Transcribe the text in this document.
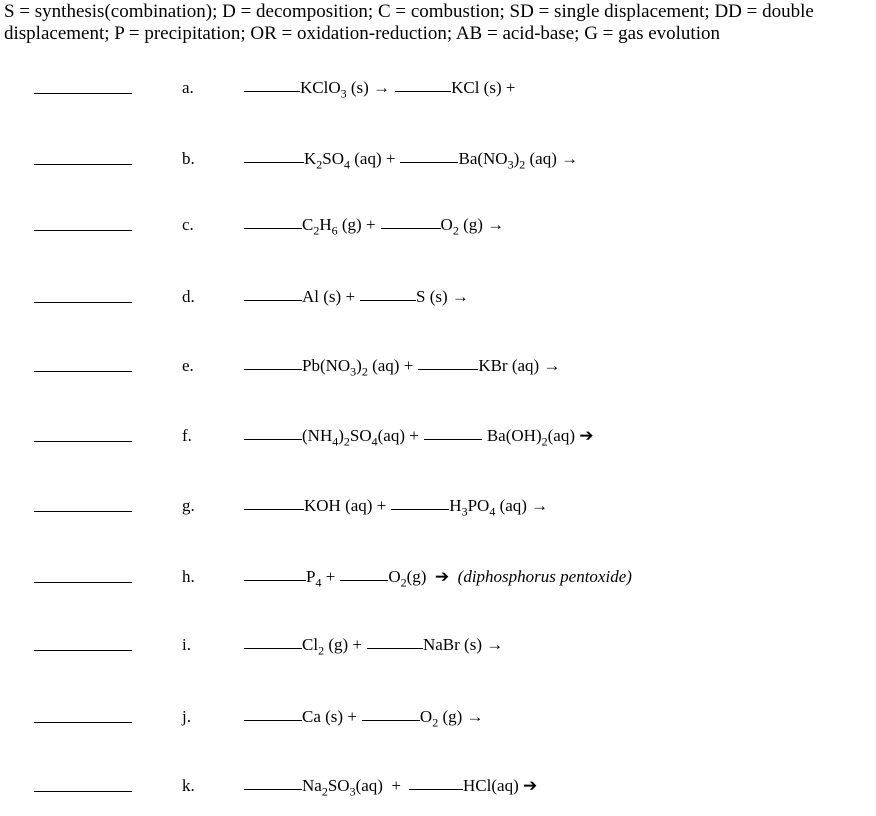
S = synthesis(combination); D = decomposition; C = combustion; SD = single displacement; DD = double
displacement; P = precipitation; OR = oxidation-reduction; AB = acid-base; G = gas evolution
a.	KClO$_3$ (s) →	KCl (s) +
b.	$K_2SO_4$ (aq) +	$Ba(NO_3)_2$ (aq) →
c.	$C_2H_6$ (g) +	$O_2$ (g) →
d.	Al (s) +	S (s) →
e.	$Pb(NO_3)_2$ (aq) +	KBr (aq) →
f.	$(NH_4)_2SO_4(aq)$ +	$Ba(OH)_2(aq)$ ➔
g.	KOH (aq) +	$H_3PO_4$ (aq) →
h.	$P_4$ +	$O_2(g)$  ➔  (diphosphorus pentoxide)
i.	$Cl_2$ (g) +	NaBr (s) →
j.	Ca (s) +	$O_2$ (g) →
k.	$Na_2SO_3(aq)$  +	HCl(aq) ➔
